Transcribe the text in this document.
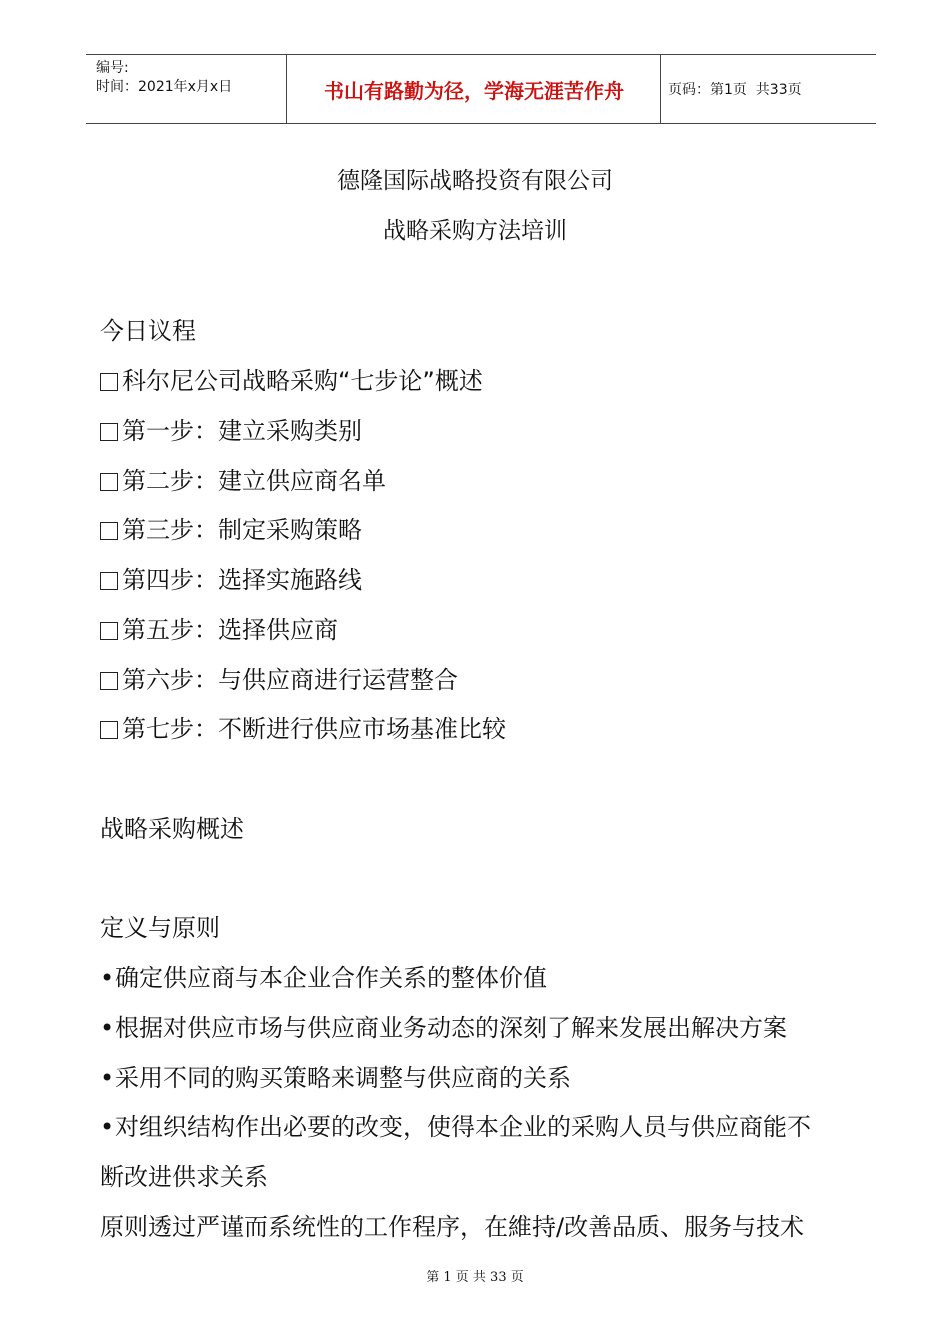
编号:
时间：2021年x月x日	书山有路勤为径，学海无涯苦作舟	页码：第1页  共33页
德隆国际战略投资有限公司
战略采购方法培训
今日议程
科尔尼公司战略采购“七步论”概述
第一步：建立采购类别
第二步：建立供应商名单
第三步：制定采购策略
第四步：选择实施路线
第五步：选择供应商
第六步：与供应商进行运营整合
第七步：不断进行供应市场基准比较
战略采购概述
定义与原则
•确定供应商与本企业合作关系的整体价值
•根据对供应市场与供应商业务动态的深刻了解来发展出解决方案
•采用不同的购买策略来调整与供应商的关系
•对组织结构作出必要的改变，使得本企业的采购人员与供应商能不
断改进供求关系
原则透过严谨而系统性的工作程序，在維持/改善品质、服务与技术
第 1 页 共 33 页
